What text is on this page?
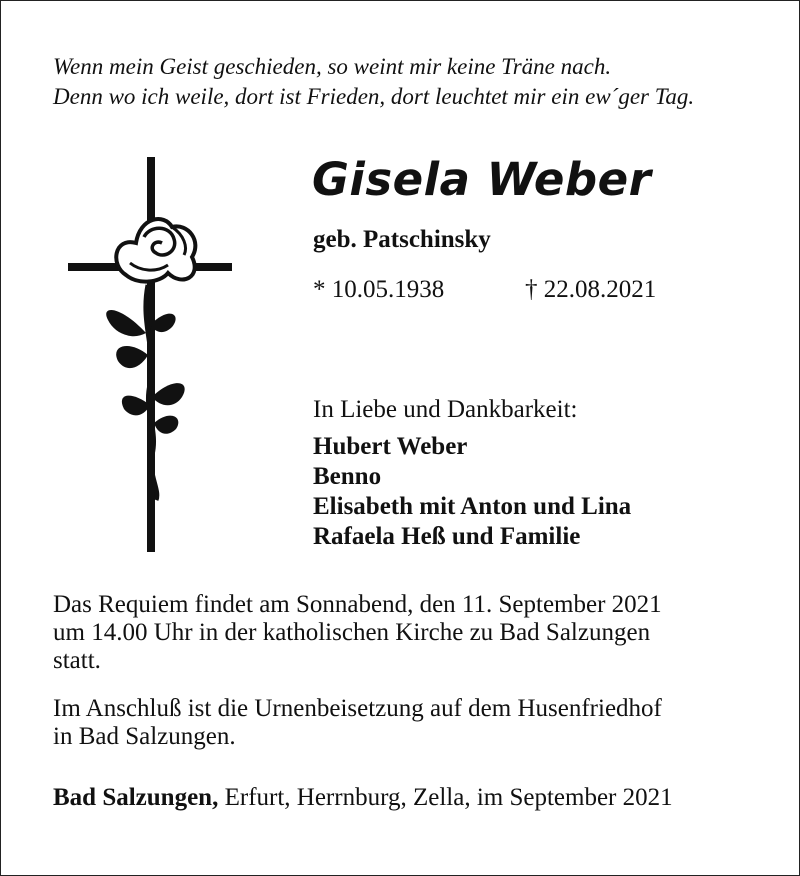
Wenn mein Geist geschieden, so weint mir keine Träne nach.
Denn wo ich weile, dort ist Frieden, dort leuchtet mir ein ew´ger Tag.
Gisela Weber
geb. Patschinsky
* 10.05.1938	† 22.08.2021
In Liebe und Dankbarkeit:
Hubert Weber
Benno
Elisabeth mit Anton und Lina
Rafaela Heß und Familie
Das Requiem findet am Sonnabend, den 11. September 2021
um 14.00 Uhr in der katholischen Kirche zu Bad Salzungen
statt.
Im Anschluß ist die Urnenbeisetzung auf dem Husenfriedhof
in Bad Salzungen.
Bad Salzungen, Erfurt, Herrnburg, Zella, im September 2021
